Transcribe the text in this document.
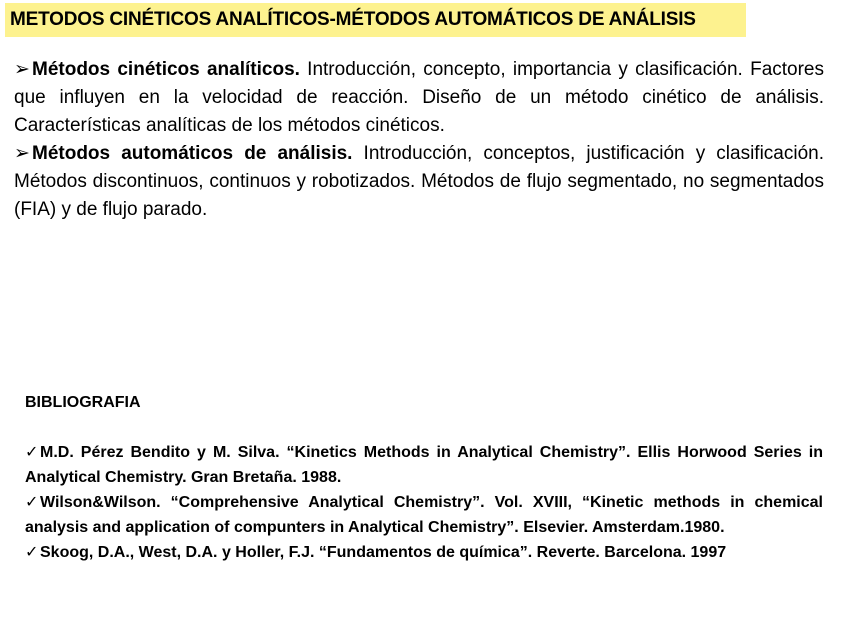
METODOS CINÉTICOS ANALÍTICOS-MÉTODOS AUTOMÁTICOS DE ANÁLISIS

➢ Métodos cinéticos analíticos. Introducción, concepto, importancia y clasificación. Factores que influyen en la velocidad de reacción. Diseño de un método cinético de análisis. Características analíticas de los métodos cinéticos.

➢ Métodos automáticos de análisis. Introducción, conceptos, justificación y clasificación. Métodos discontinuos, continuos y robotizados. Métodos de flujo segmentado, no segmentados (FIA) y de flujo parado.

BIBLIOGRAFIA

✓M.D. Pérez Bendito y M. Silva. “Kinetics Methods in Analytical Chemistry”. Ellis Horwood Series in Analytical Chemistry. Gran Bretaña. 1988.

✓Wilson&Wilson. “Comprehensive Analytical Chemistry”. Vol. XVIII, “Kinetic methods in chemical analysis and application of compunters in Analytical Chemistry”. Elsevier. Amsterdam.1980.

✓Skoog, D.A., West, D.A. y Holler, F.J. “Fundamentos de química”. Reverte. Barcelona. 1997
